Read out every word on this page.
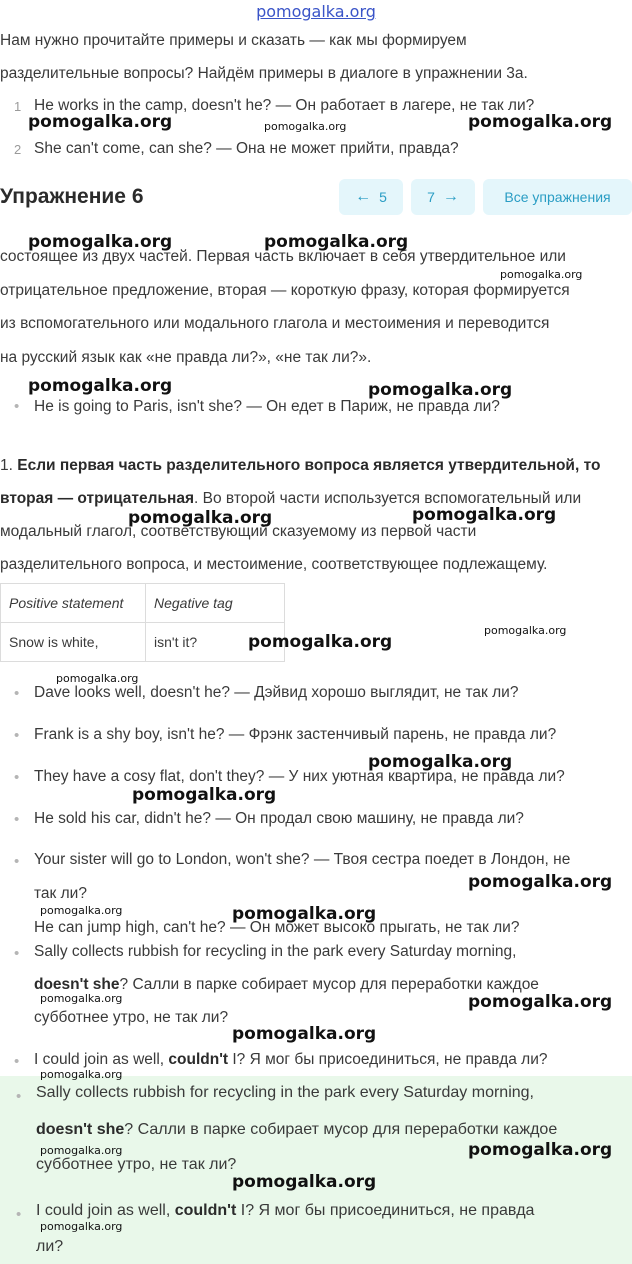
pomogalka.org
Нам нужно прочитайте примеры и сказать — как мы формируем
разделительные вопросы? Найдём примеры в диалоге в упражнении 3а.
1 He works in the camp, doesn't he? — Он работает в лагере, не так ли?
2 She can't come, can she? — Она не может прийти, правда?
Упражнение 6	← 5	7 →	Все упражнения
состоящее из двух частей. Первая часть включает в себя утвердительное или
отрицательное предложение, вторая — короткую фразу, которая формируется
из вспомогательного или модального глагола и местоимения и переводится
на русский язык как «не правда ли?», «не так ли?».
• He is going to Paris, isn't she? — Он едет в Париж, не правда ли?
1. Если первая часть разделительного вопроса является утвердительной, то
вторая — отрицательная. Во второй части используется вспомогательный или
модальный глагол, соответствующий сказуемому из первой части
разделительного вопроса, и местоимение, соответствующее подлежащему.
Positive statement	Negative tag
Snow is white,	isn't it?
• Dave looks well, doesn't he? — Дэйвид хорошо выглядит, не так ли?
• Frank is a shy boy, isn't he? — Фрэнк застенчивый парень, не правда ли?
• They have a cosy flat, don't they? — У них уютная квартира, не правда ли?
• He sold his car, didn't he? — Он продал свою машину, не правда ли?
• Your sister will go to London, won't she? — Твоя сестра поедет в Лондон, не
так ли?
He can jump high, can't he? — Он может высоко прыгать, не так ли?
• Sally collects rubbish for recycling in the park every Saturday morning,
doesn't she? Салли в парке собирает мусор для переработки каждое
субботнее утро, не так ли?
• I could join as well, couldn't I? Я мог бы присоединиться, не правда ли?
• Sally collects rubbish for recycling in the park every Saturday morning,
doesn't she? Салли в парке собирает мусор для переработки каждое
субботнее утро, не так ли?
• I could join as well, couldn't I? Я мог бы присоединиться, не правда
ли?
pomogalka.org	pomogalka.org	pomogalka.org
pomogalka.org	pomogalka.org
pomogalka.org
pomogalka.org	pomogalka.org
pomogalka.org	pomogalka.org
pomogalka.org
pomogalka.org
pomogalka.org
pomogalka.org
pomogalka.org
pomogalka.org
pomogalka.org	pomogalka.org
pomogalka.org	pomogalka.org
pomogalka.org
pomogalka.org
pomogalka.org	pomogalka.org
pomogalka.org
pomogalka.org
